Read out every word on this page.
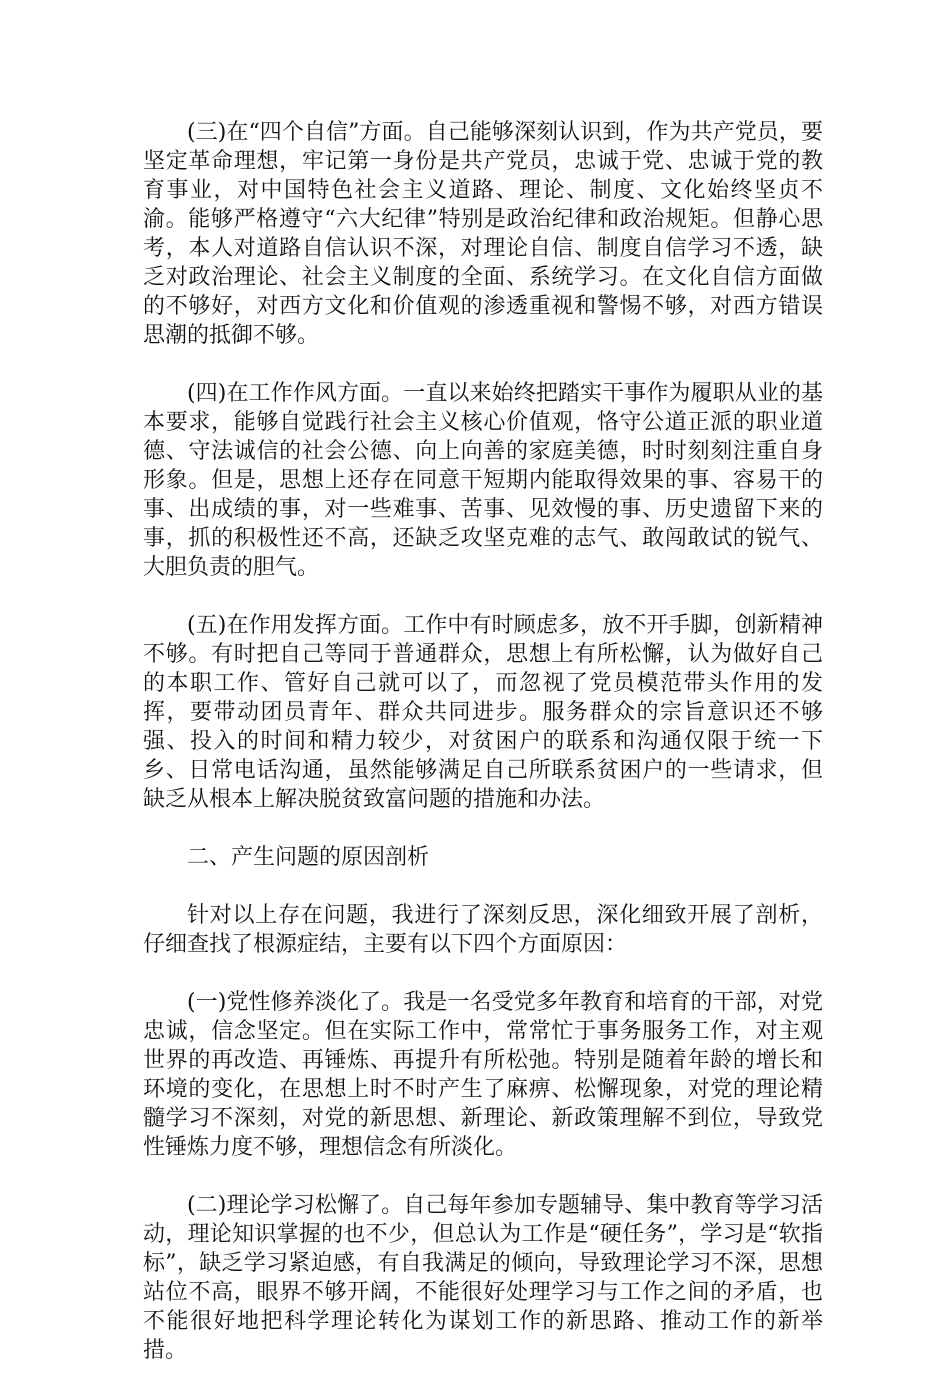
(三)在“四个自信”方面。自己能够深刻认识到，作为共产党员，要坚定革命理想，牢记第一身份是共产党员，忠诚于党、忠诚于党的教育事业，对中国特色社会主义道路、理论、制度、文化始终坚贞不渝。能够严格遵守“六大纪律”特别是政治纪律和政治规矩。但静心思考，本人对道路自信认识不深，对理论自信、制度自信学习不透，缺乏对政治理论、社会主义制度的全面、系统学习。在文化自信方面做的不够好，对西方文化和价值观的渗透重视和警惕不够，对西方错误思潮的抵御不够。

(四)在工作作风方面。一直以来始终把踏实干事作为履职从业的基本要求，能够自觉践行社会主义核心价值观，恪守公道正派的职业道德、守法诚信的社会公德、向上向善的家庭美德，时时刻刻注重自身形象。但是，思想上还存在同意干短期内能取得效果的事、容易干的事、出成绩的事，对一些难事、苦事、见效慢的事、历史遗留下来的事，抓的积极性还不高，还缺乏攻坚克难的志气、敢闯敢试的锐气、大胆负责的胆气。

(五)在作用发挥方面。工作中有时顾虑多，放不开手脚，创新精神不够。有时把自己等同于普通群众，思想上有所松懈，认为做好自己的本职工作、管好自己就可以了，而忽视了党员模范带头作用的发挥，要带动团员青年、群众共同进步。服务群众的宗旨意识还不够强、投入的时间和精力较少，对贫困户的联系和沟通仅限于统一下乡、日常电话沟通，虽然能够满足自己所联系贫困户的一些请求，但缺乏从根本上解决脱贫致富问题的措施和办法。

二、产生问题的原因剖析

针对以上存在问题，我进行了深刻反思，深化细致开展了剖析，仔细查找了根源症结，主要有以下四个方面原因：

(一)党性修养淡化了。我是一名受党多年教育和培育的干部，对党忠诚，信念坚定。但在实际工作中，常常忙于事务服务工作，对主观世界的再改造、再锤炼、再提升有所松弛。特别是随着年龄的增长和环境的变化，在思想上时不时产生了麻痹、松懈现象，对党的理论精髓学习不深刻，对党的新思想、新理论、新政策理解不到位，导致党性锤炼力度不够，理想信念有所淡化。

(二)理论学习松懈了。自己每年参加专题辅导、集中教育等学习活动，理论知识掌握的也不少，但总认为工作是“硬任务”，学习是“软指标”，缺乏学习紧迫感，有自我满足的倾向，导致理论学习不深，思想站位不高，眼界不够开阔，不能很好处理学习与工作之间的矛盾，也不能很好地把科学理论转化为谋划工作的新思路、推动工作的新举措。
